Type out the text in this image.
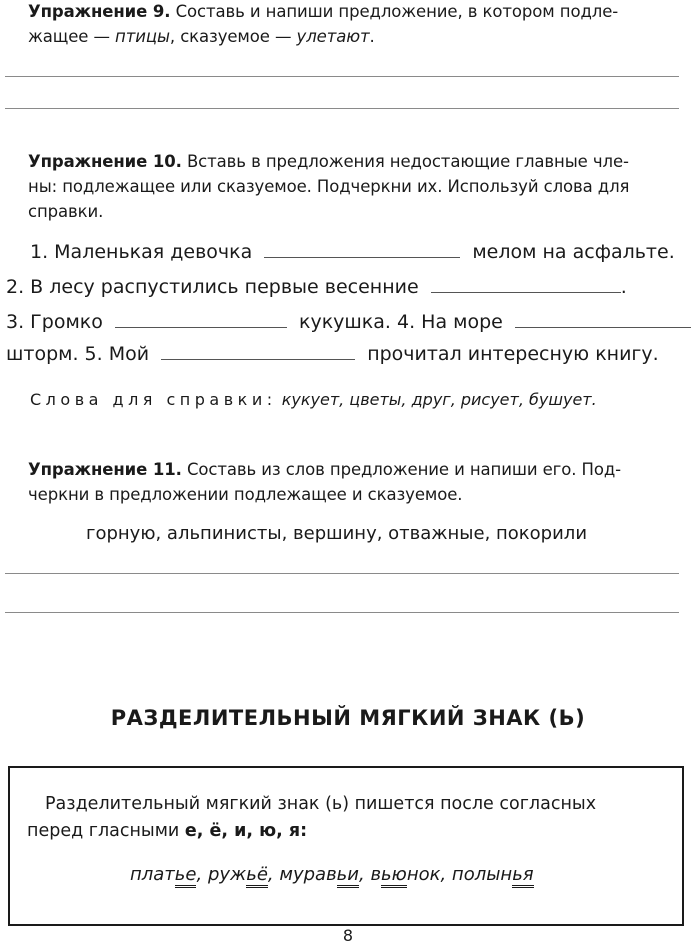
Упражнение 9. Составь и напиши предложение, в котором подле-
жащее — птицы, сказуемое — улетают.
Упражнение 10. Вставь в предложения недостающие главные чле-
ны: подлежащее или сказуемое. Подчеркни их. Используй слова для
справки.
1. Маленькая девочка	мелом на асфальте.
2. В лесу распустились первые весенние	.
3. Громко	кукушка. 4. На море
шторм. 5. Мой	прочитал интересную книгу.
Слова для справки: кукует, цветы, друг, рисует, бушует.
Упражнение 11. Составь из слов предложение и напиши его. Под-
черкни в предложении подлежащее и сказуемое.
горную, альпинисты, вершину, отважные, покорили
РАЗДЕЛИТЕЛЬНЫЙ МЯГКИЙ ЗНАК (Ь)
Разделительный мягкий знак (ь) пишется после согласных
перед гласными е, ё, и, ю, я:
платье, ружьё, муравьи, вьюнок, полынья
8
